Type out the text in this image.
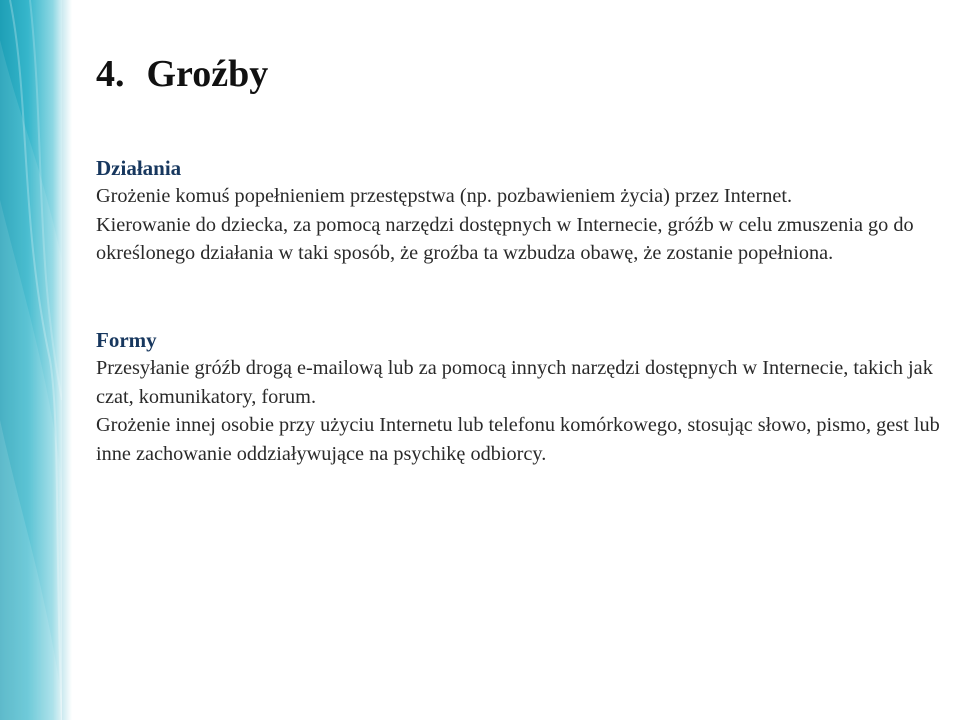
4. Groźby
Działania

Grożenie komuś popełnieniem przestępstwa (np. pozbawieniem życia) przez Internet.

Kierowanie do dziecka, za pomocą narzędzi dostępnych w Internecie, gróźb w celu zmuszenia go do określonego działania w taki sposób, że groźba ta wzbudza obawę, że zostanie popełniona.

Formy

Przesyłanie gróźb drogą e-mailową lub za pomocą innych narzędzi dostępnych w Internecie, takich jak czat, komunikatory, forum.

Grożenie innej osobie przy użyciu Internetu lub telefonu komórkowego, stosując słowo, pismo, gest lub inne zachowanie oddziaływujące na psychikę odbiorcy.
